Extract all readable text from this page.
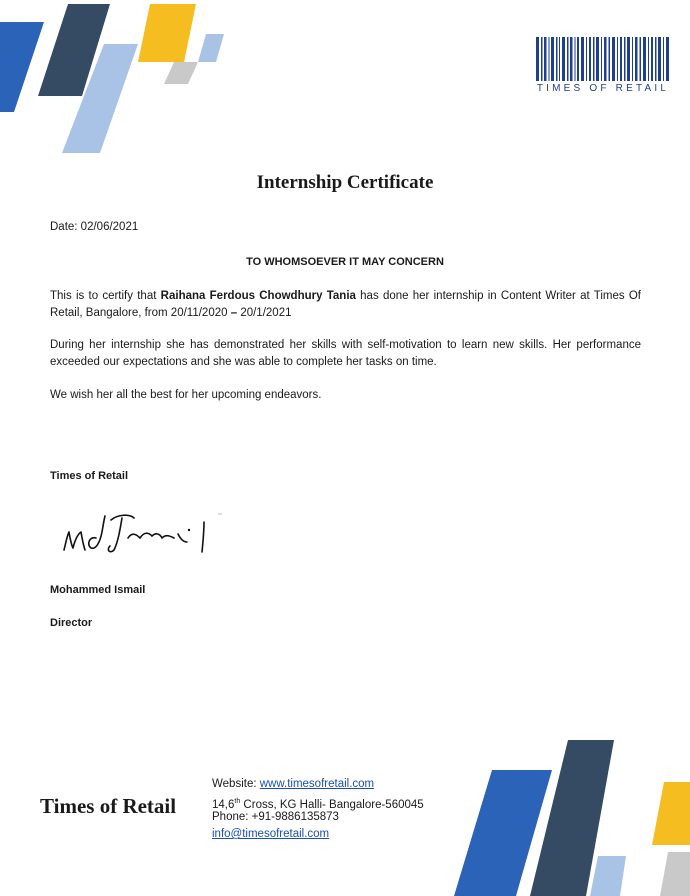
TIMES OF RETAIL
Internship Certificate
Date: 02/06/2021
TO WHOMSOEVER IT MAY CONCERN
This is to certify that Raihana Ferdous Chowdhury Tania has done her internship in Content Writer at Times Of Retail, Bangalore, from 20/11/2020 – 20/1/2021
During her internship she has demonstrated her skills with self-motivation to learn new skills. Her performance exceeded our expectations and she was able to complete her tasks on time.
We wish her all the best for her upcoming endeavors.
Times of Retail
Mohammed Ismail
Director
Times of Retail
Website: www.timesofretail.com
14,6th Cross, KG Halli- Bangalore-560045
Phone: +91-9886135873
info@timesofretail.com
